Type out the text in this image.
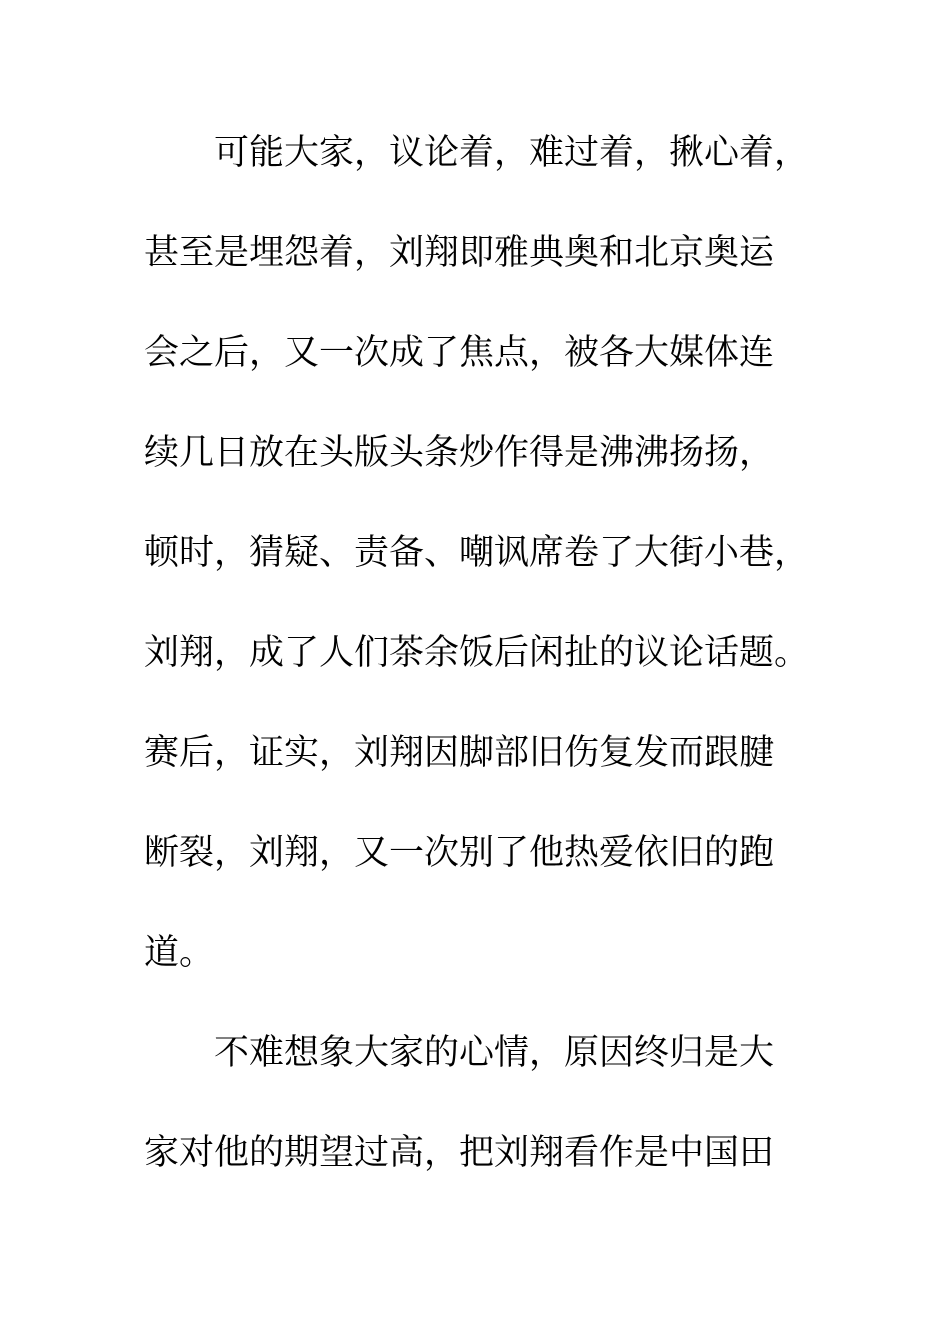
可能大家，议论着，难过着，揪心着，
甚至是埋怨着，刘翔即雅典奥和北京奥运
会之后，又一次成了焦点，被各大媒体连
续几日放在头版头条炒作得是沸沸扬扬，
顿时，猜疑、责备、嘲讽席卷了大街小巷，
刘翔，成了人们茶余饭后闲扯的议论话题。
赛后，证实，刘翔因脚部旧伤复发而跟腱
断裂，刘翔，又一次别了他热爱依旧的跑
道。
不难想象大家的心情，原因终归是大
家对他的期望过高，把刘翔看作是中国田
